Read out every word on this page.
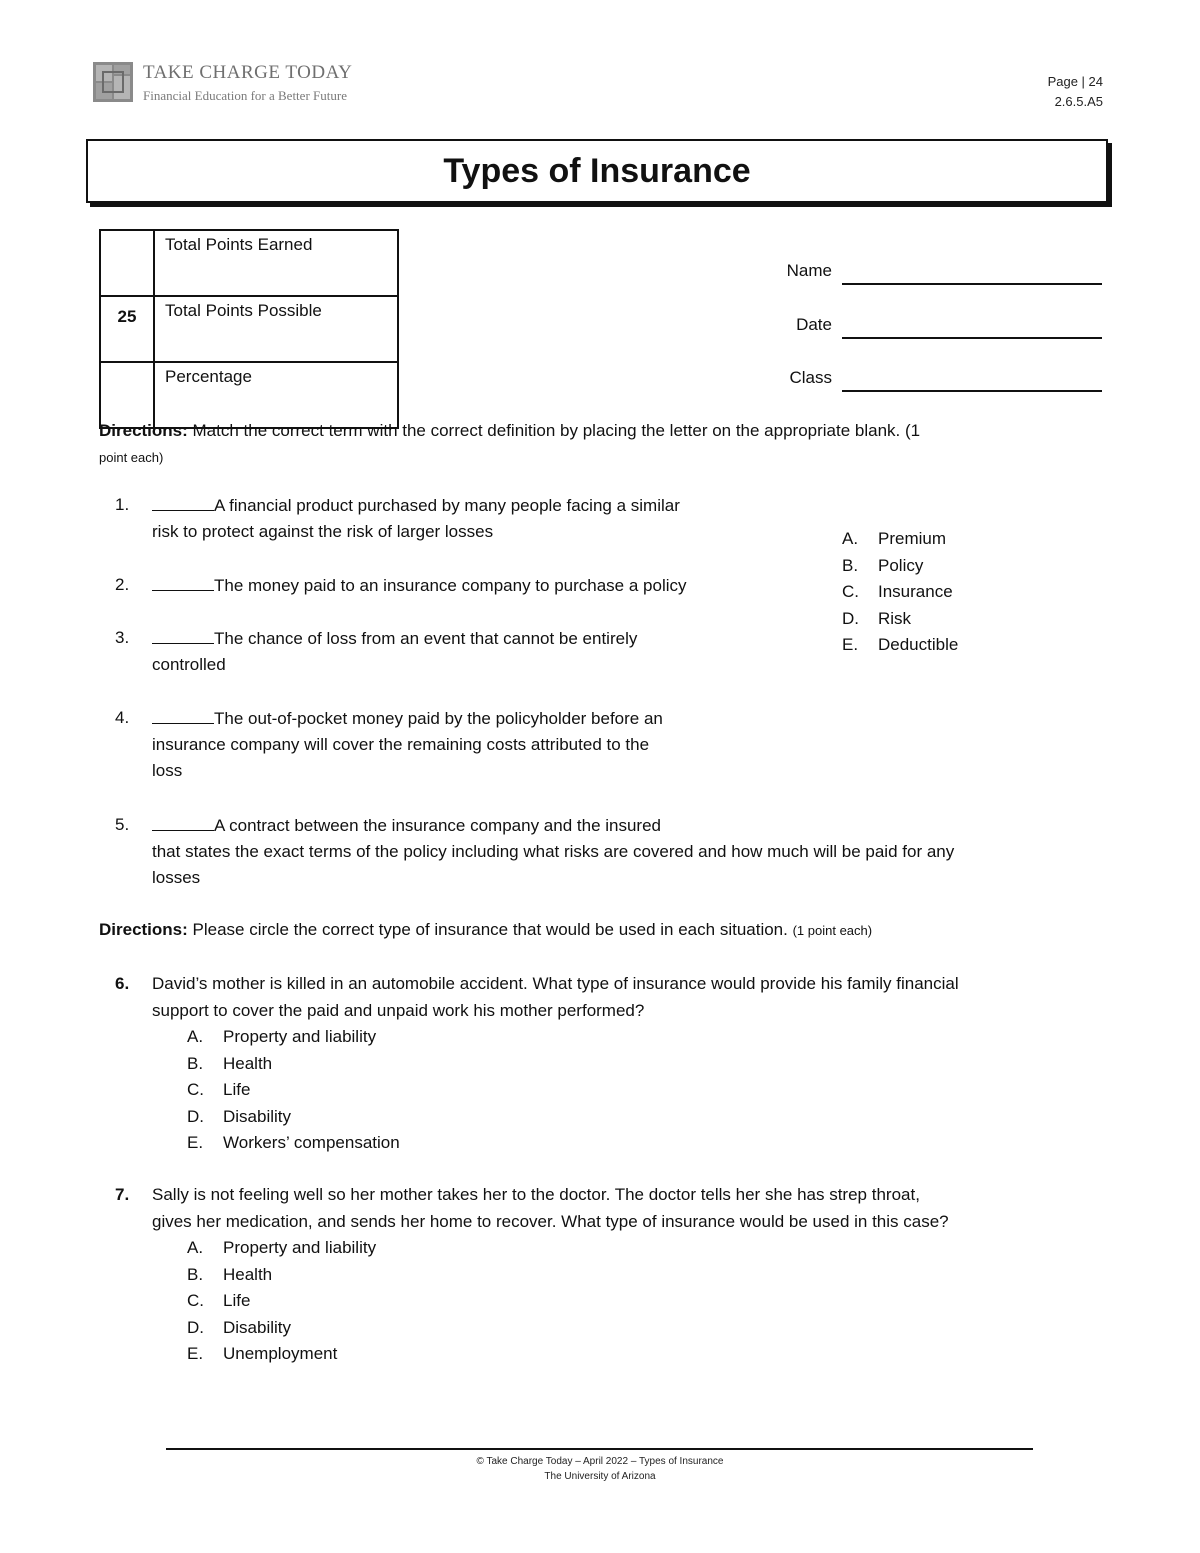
TAKE CHARGE TODAY
Financial Education for a Better Future
Page | 24
2.6.5.A5
Types of Insurance
	Total Points Earned
25	Total Points Possible
	Percentage
Name
Date
Class
Directions: Match the correct term with the correct definition by placing the letter on the appropriate blank. (1
point each)
1.	A financial product purchased by many people facing a similar
risk to protect against the risk of larger losses
2.	The money paid to an insurance company to purchase a policy
3.	The chance of loss from an event that cannot be entirely
controlled
4.	The out-of-pocket money paid by the policyholder before an
insurance company will cover the remaining costs attributed to the
loss
5.	A contract between the insurance company and the insured
that states the exact terms of the policy including what risks are covered and how much will be paid for any
losses
A.	Premium
B.	Policy
C.	Insurance
D.	Risk
E.	Deductible
Directions: Please circle the correct type of insurance that would be used in each situation. (1 point each)
6. David’s mother is killed in an automobile accident. What type of insurance would provide his family financial
support to cover the paid and unpaid work his mother performed?
A.	Property and liability
B.	Health
C.	Life
D.	Disability
E.	Workers’ compensation
7. Sally is not feeling well so her mother takes her to the doctor. The doctor tells her she has strep throat,
gives her medication, and sends her home to recover. What type of insurance would be used in this case?
A.	Property and liability
B.	Health
C.	Life
D.	Disability
E.	Unemployment
© Take Charge Today – April 2022 – Types of Insurance
The University of Arizona
